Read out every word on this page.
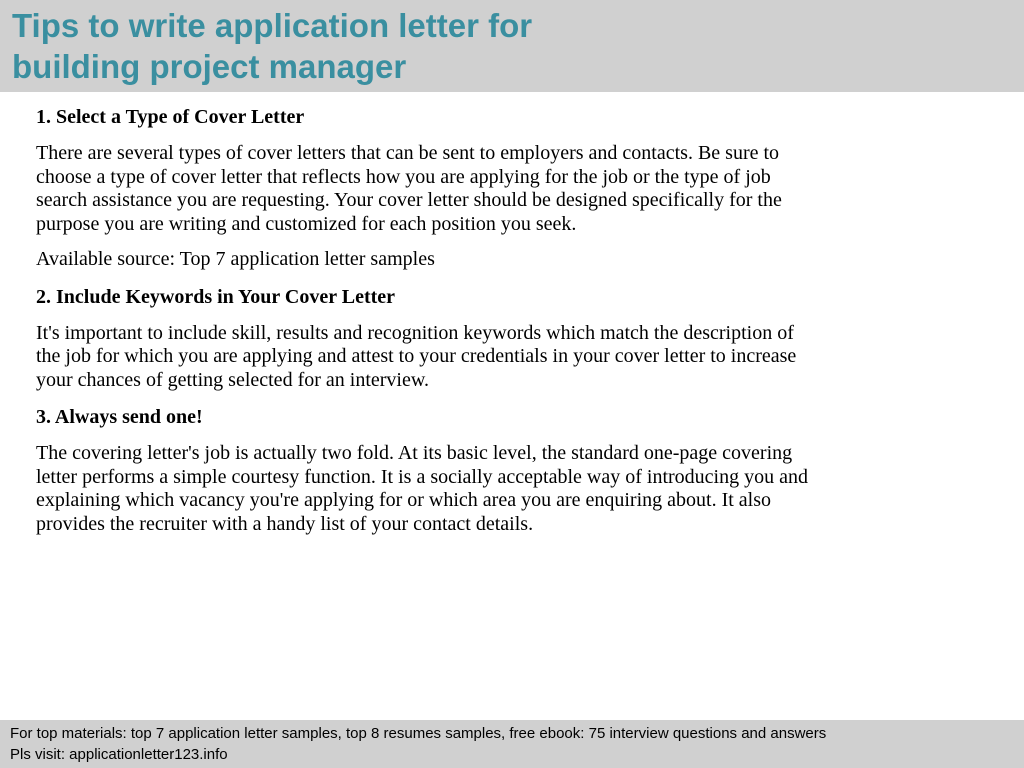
Tips to write application letter for
building project manager

1. Select a Type of Cover Letter

There are several types of cover letters that can be sent to employers and contacts. Be sure to
choose a type of cover letter that reflects how you are applying for the job or the type of job
search assistance you are requesting. Your cover letter should be designed specifically for the
purpose you are writing and customized for each position you seek.

Available source: Top 7 application letter samples

2. Include Keywords in Your Cover Letter

It's important to include skill, results and recognition keywords which match the description of
the job for which you are applying and attest to your credentials in your cover letter to increase
your chances of getting selected for an interview.

3. Always send one!

The covering letter's job is actually two fold. At its basic level, the standard one-page covering
letter performs a simple courtesy function. It is a socially acceptable way of introducing you and
explaining which vacancy you're applying for or which area you are enquiring about. It also
provides the recruiter with a handy list of your contact details.

For top materials: top 7 application letter samples, top 8 resumes samples, free ebook: 75 interview questions and answers

Pls visit: applicationletter123.info
